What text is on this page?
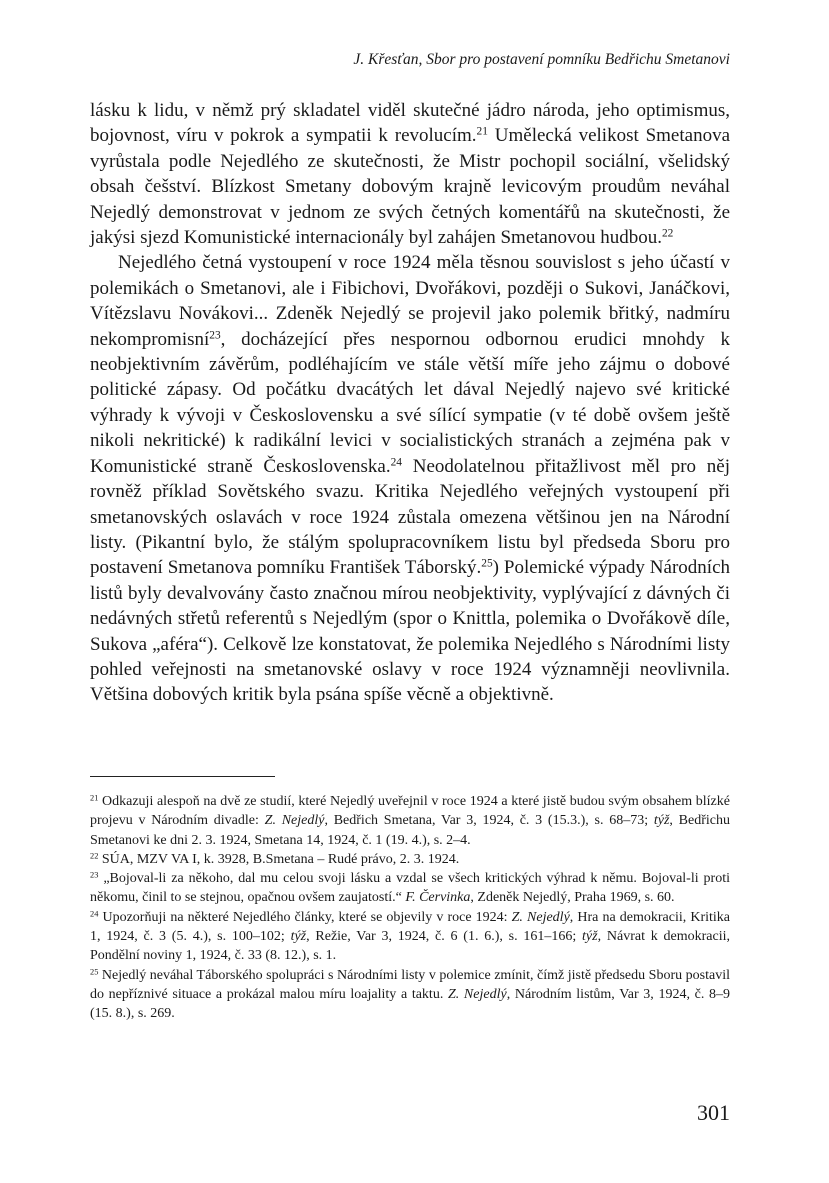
J. Křesťan, Sbor pro postavení pomníku Bedřichu Smetanovi

lásku k lidu, v němž prý skladatel viděl skutečné jádro národa, jeho optimismus, bojovnost, víru v pokrok a sympatii k revolucím.$^{21}$ Umělecká velikost Smetanova vyrůstala podle Nejedlého ze skutečnosti, že Mistr pochopil sociální, všelidský obsah češství. Blízkost Smetany dobovým krajně levicovým proudům neváhal Nejedlý demonstrovat v jednom ze svých četných komentářů na skutečnosti, že jakýsi sjezd Komunistické internacionály byl zahájen Smetanovou hudbou.$^{22}$

Nejedlého četná vystoupení v roce 1924 měla těsnou souvislost s jeho účastí v polemikách o Smetanovi, ale i Fibichovi, Dvořákovi, později o Sukovi, Janáčkovi, Vítězslavu Novákovi... Zdeněk Nejedlý se projevil jako polemik břitký, nadmíru nekompromisní$^{23}$, docházející přes nespornou odbornou erudici mnohdy k neobjektivním závěrům, podléhajícím ve stále větší míře jeho zájmu o dobové politické zápasy. Od počátku dvacátých let dával Nejedlý najevo své kritické výhrady k vývoji v Československu a své sílící sympatie (v té době ovšem ještě nikoli nekritické) k radikální levici v socialistických stranách a zejména pak v Komunistické straně Československa.$^{24}$ Neodolatelnou přitažlivost měl pro něj rovněž příklad Sovětského svazu. Kritika Nejedlého veřejných vystoupení při smetanovských oslavách v roce 1924 zůstala omezena většinou jen na Národní listy. (Pikantní bylo, že stálým spolupracovníkem listu byl předseda Sboru pro postavení Smetanova pomníku František Táborský.$^{25}$) Polemické výpady Národních listů byly devalvovány často značnou mírou neobjektivity, vyplývající z dávných či nedávných střetů referentů s Nejedlým (spor o Knittla, polemika o Dvořákově díle, Sukova „aféra“). Celkově lze konstatovat, že polemika Nejedlého s Národními listy pohled veřejnosti na smetanovské oslavy v roce 1924 významněji neovlivnila. Většina dobových kritik byla psána spíše věcně a objektivně.

$^{21}$ Odkazuji alespoň na dvě ze studií, které Nejedlý uveřejnil v roce 1924 a které jistě budou svým obsahem blízké projevu v Národním divadle: Z. Nejedlý, Bedřich Smetana, Var 3, 1924, č. 3 (15.3.), s. 68–73; týž, Bedřichu Smetanovi ke dni 2. 3. 1924, Smetana 14, 1924, č. 1 (19. 4.), s. 2–4.

$^{22}$ SÚA, MZV VA I, k. 3928, B.Smetana – Rudé právo, 2. 3. 1924.

$^{23}$ „Bojoval-li za někoho, dal mu celou svoji lásku a vzdal se všech kritických výhrad k němu. Bojoval-li proti někomu, činil to se stejnou, opačnou ovšem zaujatostí.“ F. Červinka, Zdeněk Nejedlý, Praha 1969, s. 60.

$^{24}$ Upozorňuji na některé Nejedlého články, které se objevily v roce 1924: Z. Nejedlý, Hra na demokracii, Kritika 1, 1924, č. 3 (5. 4.), s. 100–102; týž, Režie, Var 3, 1924, č. 6 (1. 6.), s. 161–166; týž, Návrat k demokracii, Pondělní noviny 1, 1924, č. 33 (8. 12.), s. 1.

$^{25}$ Nejedlý neváhal Táborského spolupráci s Národními listy v polemice zmínit, čímž jistě předsedu Sboru postavil do nepříznivé situace a prokázal malou míru loajality a taktu. Z. Nejedlý, Národním listům, Var 3, 1924, č. 8–9 (15. 8.), s. 269.

301
